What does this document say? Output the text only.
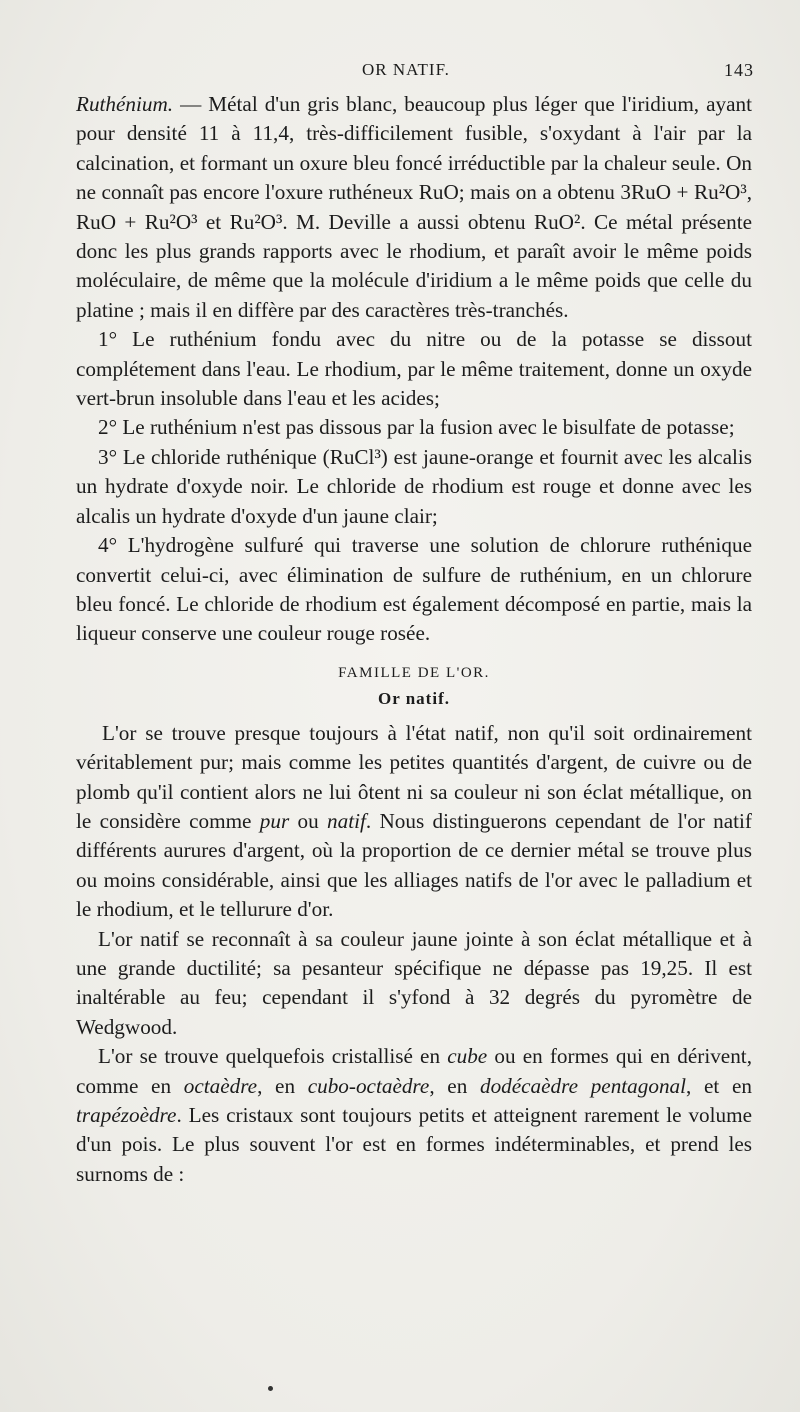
OR NATIF.	143

Ruthénium. — Métal d'un gris blanc, beaucoup plus léger que l'iridium, ayant pour densité 11 à 11,4, très-difficilement fusible, s'oxydant à l'air par la calcination, et formant un oxure bleu foncé irréductible par la chaleur seule. On ne connaît pas encore l'oxure ruthéneux RuO; mais on a obtenu 3RuO + Ru²O³, RuO + Ru²O³ et Ru²O³. M. Deville a aussi obtenu RuO². Ce métal présente donc les plus grands rapports avec le rhodium, et paraît avoir le même poids moléculaire, de même que la molécule d'iridium a le même poids que celle du platine ; mais il en diffère par des caractères très-tranchés.

1° Le ruthénium fondu avec du nitre ou de la potasse se dissout complétement dans l'eau. Le rhodium, par le même traitement, donne un oxyde vert-brun insoluble dans l'eau et les acides;

2° Le ruthénium n'est pas dissous par la fusion avec le bisulfate de potasse;

3° Le chloride ruthénique (RuCl³) est jaune-orange et fournit avec les alcalis un hydrate d'oxyde noir. Le chloride de rhodium est rouge et donne avec les alcalis un hydrate d'oxyde d'un jaune clair;

4° L'hydrogène sulfuré qui traverse une solution de chlorure ruthénique convertit celui-ci, avec élimination de sulfure de ruthénium, en un chlorure bleu foncé. Le chloride de rhodium est également décomposé en partie, mais la liqueur conserve une couleur rouge rosée.

FAMILLE DE L'OR.

Or natif.

L'or se trouve presque toujours à l'état natif, non qu'il soit ordinairement véritablement pur; mais comme les petites quantités d'argent, de cuivre ou de plomb qu'il contient alors ne lui ôtent ni sa couleur ni son éclat métallique, on le considère comme pur ou natif. Nous distinguerons cependant de l'or natif différents aurures d'argent, où la proportion de ce dernier métal se trouve plus ou moins considérable, ainsi que les alliages natifs de l'or avec le palladium et le rhodium, et le tellurure d'or.

L'or natif se reconnaît à sa couleur jaune jointe à son éclat métallique et à une grande ductilité; sa pesanteur spécifique ne dépasse pas 19,25. Il est inaltérable au feu; cependant il s'yfond à 32 degrés du pyromètre de Wedgwood.

L'or se trouve quelquefois cristallisé en cube ou en formes qui en dérivent, comme en octaèdre, en cubo-octaèdre, en dodécaèdre pentagonal, et en trapézoèdre. Les cristaux sont toujours petits et atteignent rarement le volume d'un pois. Le plus souvent l'or est en formes indéterminables, et prend les surnoms de :
